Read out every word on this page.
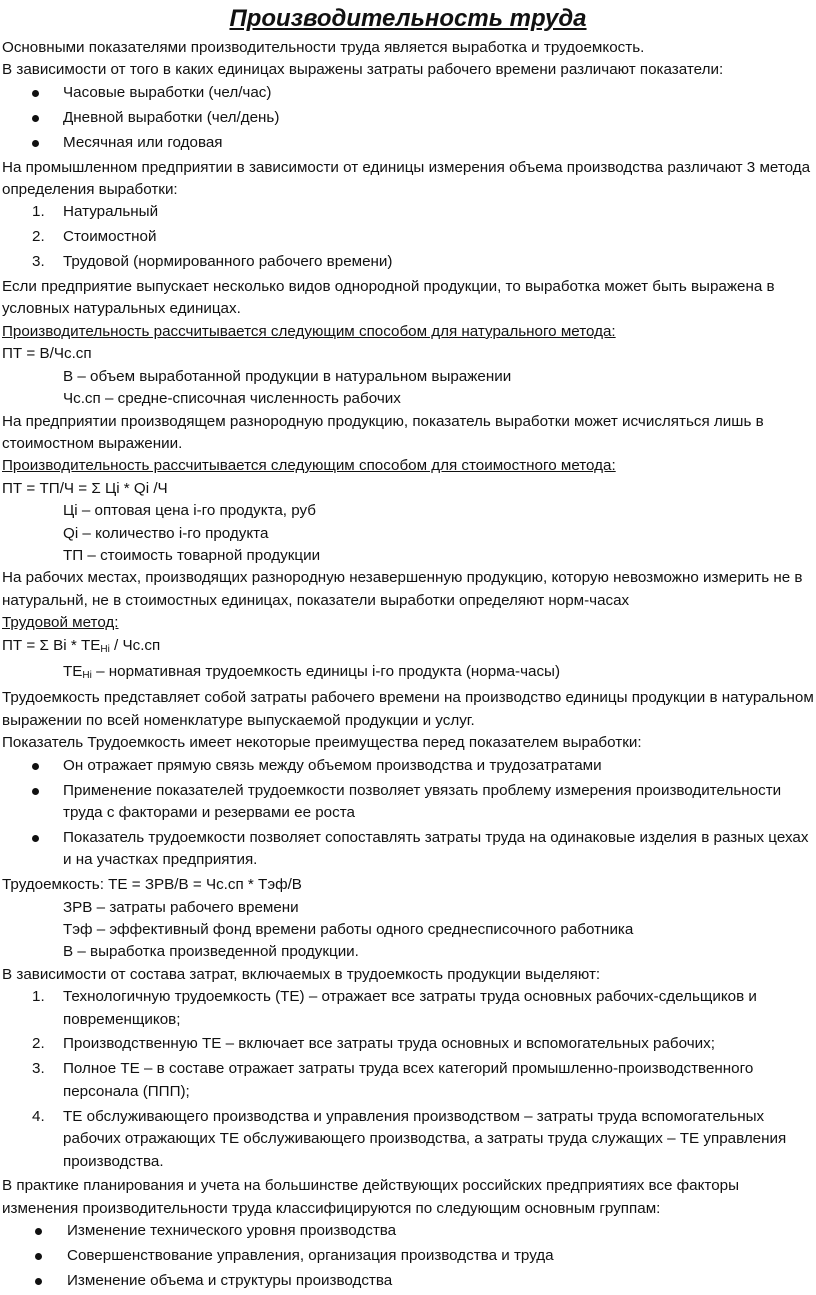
Производительность труда

Основными показателями производительности труда является выработка и трудоемкость.

В зависимости от того в каких единицах выражены затраты рабочего времени различают показатели:

Часовые выработки (чел/час)
Дневной выработки (чел/день)
Месячная или годовая

На промышленном предприятии в зависимости от единицы измерения объема производства различают 3 метода определения выработки:

1. Натуральный
2. Стоимостной
3. Трудовой (нормированного рабочего времени)

Если предприятие выпускает несколько видов однородной продукции, то выработка может быть выражена в условных натуральных единицах.

Производительность рассчитывается следующим способом для натурального метода:

ПТ = В/Чс.сп

В – объем выработанной продукции в натуральном выражении

Чс.сп – средне-списочная численность рабочих

На предприятии производящем разнородную продукцию, показатель выработки может исчисляться лишь в стоимостном выражении.

Производительность рассчитывается следующим способом для стоимостного метода:

ПТ = ТП/Ч = Σ Цi * Qi /Ч

Цi – оптовая цена i-го продукта, руб

Qi – количество i-го продукта

ТП – стоимость товарной продукции

На рабочих местах, производящих разнородную незавершенную продукцию, которую невозможно измерить не в натуральнй, не в стоимостных единицах, показатели выработки определяют норм-часах

Трудовой метод:

ПТ = Σ Вi * $ТЕ_{Hi} / Чс.сп$

$ТЕ_{Hi}$ – нормативная трудоемкость единицы i-го продукта (норма-часы)

Трудоемкость представляет собой затраты рабочего времени на производство единицы продукции в натуральном выражении по всей номенклатуре выпускаемой продукции и услуг.

Показатель Трудоемкость имеет некоторые преимущества перед показателем выработки:

Он отражает прямую связь между объемом производства и трудозатратами
Применение показателей трудоемкости позволяет увязать проблему измерения производительности труда с факторами и резервами ее роста
Показатель трудоемкости позволяет сопоставлять затраты труда на одинаковые изделия в разных цехах и на участках предприятия.

Трудоемкость: ТЕ = ЗРВ/В = Чс.сп * Тэф/В

ЗРВ – затраты рабочего времени

Тэф – эффективный фонд времени работы одного среднесписочного работника

В – выработка произведенной продукции.

В зависимости от состава затрат, включаемых в трудоемкость продукции выделяют:

1. Технологичную трудоемкость (ТЕ) – отражает все затраты труда основных рабочих-сдельщиков и повременщиков;
2. Производственную ТЕ – включает все затраты труда основных и вспомогательных рабочих;
3. Полное ТЕ – в составе отражает затраты труда всех категорий промышленно-производственного персонала (ППП);
4. ТЕ обслуживающего производства и управления производством – затраты труда вспомогательных рабочих отражающих ТЕ обслуживающего производства, а затраты труда служащих – ТЕ управления производства.

В практике планирования и учета на большинстве действующих российских предприятиях все факторы изменения производительности труда классифицируются по следующим основным группам:

Изменение технического уровня производства
Совершенствование управления, организация производства и труда
Изменение объема и структуры производства
